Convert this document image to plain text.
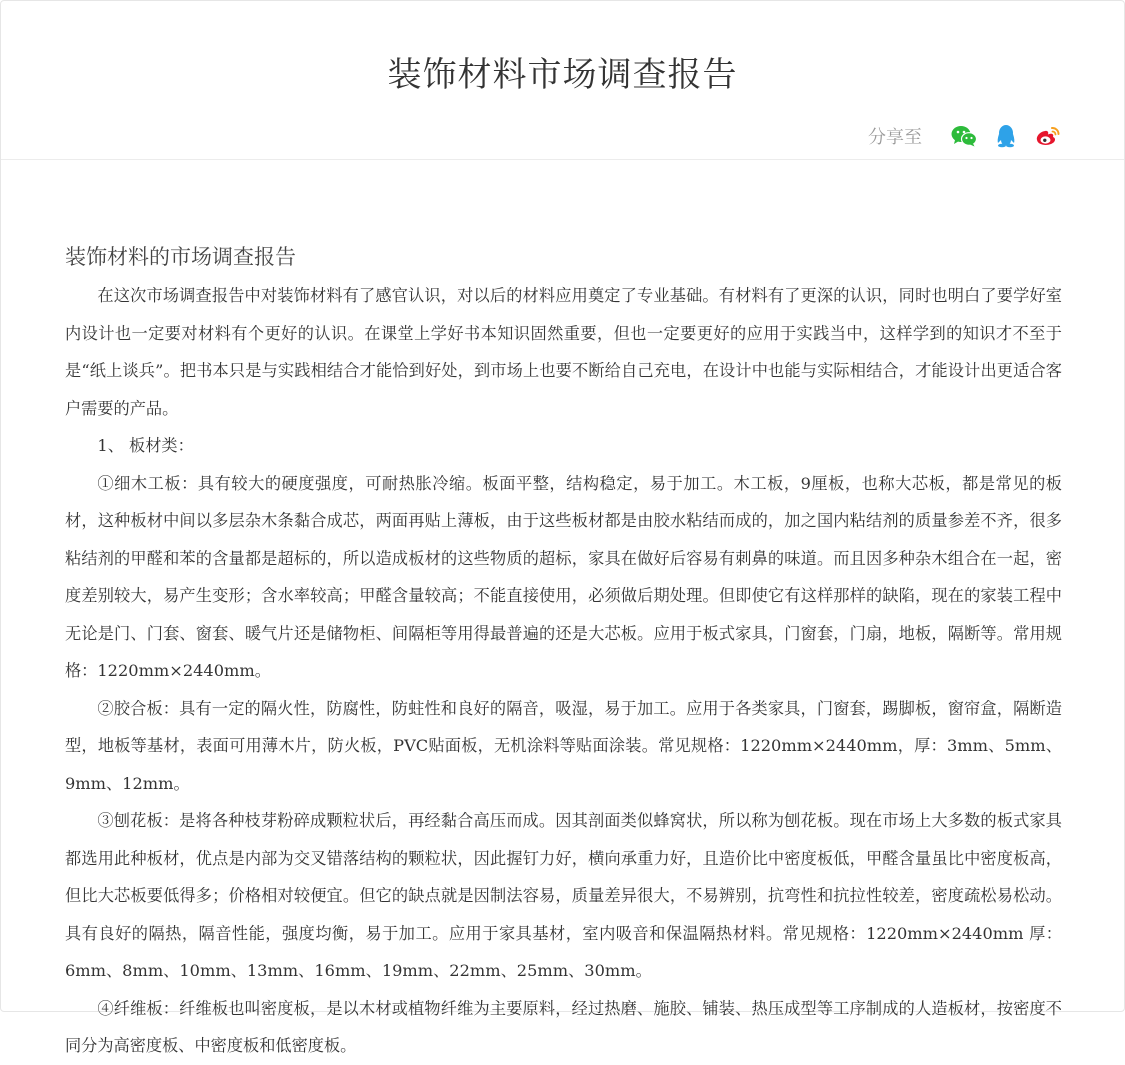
装饰材料市场调查报告
分享至
装饰材料的市场调查报告

在这次市场调查报告中对装饰材料有了感官认识，对以后的材料应用奠定了专业基础。有材料有了更深的认识，同时也明白了要学好室内设计也一定要对材料有个更好的认识。在课堂上学好书本知识固然重要，但也一定要更好的应用于实践当中，这样学到的知识才不至于是“纸上谈兵”。把书本只是与实践相结合才能恰到好处，到市场上也要不断给自己充电，在设计中也能与实际相结合，才能设计出更适合客户需要的产品。

1、 板材类：

①细木工板：具有较大的硬度强度，可耐热胀冷缩。板面平整，结构稳定，易于加工。木工板，9厘板，也称大芯板，都是常见的板材，这种板材中间以多层杂木条黏合成芯，两面再贴上薄板，由于这些板材都是由胶水粘结而成的，加之国内粘结剂的质量参差不齐，很多粘结剂的甲醛和苯的含量都是超标的，所以造成板材的这些物质的超标，家具在做好后容易有刺鼻的味道。而且因多种杂木组合在一起，密度差别较大，易产生变形；含水率较高；甲醛含量较高；不能直接使用，必须做后期处理。但即使它有这样那样的缺陷，现在的家装工程中无论是门、门套、窗套、暖气片还是储物柜、间隔柜等用得最普遍的还是大芯板。应用于板式家具，门窗套，门扇，地板，隔断等。常用规格：1220mm×2440mm。

②胶合板：具有一定的隔火性，防腐性，防蛀性和良好的隔音，吸湿，易于加工。应用于各类家具，门窗套，踢脚板，窗帘盒，隔断造型，地板等基材，表面可用薄木片，防火板，PVC贴面板，无机涂料等贴面涂装。常见规格：1220mm×2440mm，厚：3mm、5mm、9mm、12mm。

③刨花板：是将各种枝芽粉碎成颗粒状后，再经黏合高压而成。因其剖面类似蜂窝状，所以称为刨花板。现在市场上大多数的板式家具都选用此种板材，优点是内部为交叉错落结构的颗粒状，因此握钉力好，横向承重力好，且造价比中密度板低，甲醛含量虽比中密度板高，但比大芯板要低得多；价格相对较便宜。但它的缺点就是因制法容易，质量差异很大，不易辨别，抗弯性和抗拉性较差，密度疏松易松动。具有良好的隔热，隔音性能，强度均衡，易于加工。应用于家具基材，室内吸音和保温隔热材料。常见规格：1220mm×2440mm 厚：6mm、8mm、10mm、13mm、16mm、19mm、22mm、25mm、30mm。

④纤维板：纤维板也叫密度板，是以木材或植物纤维为主要原料，经过热磨、施胶、铺装、热压成型等工序制成的人造板材，按密度不同分为高密度板、中密度板和低密度板。
